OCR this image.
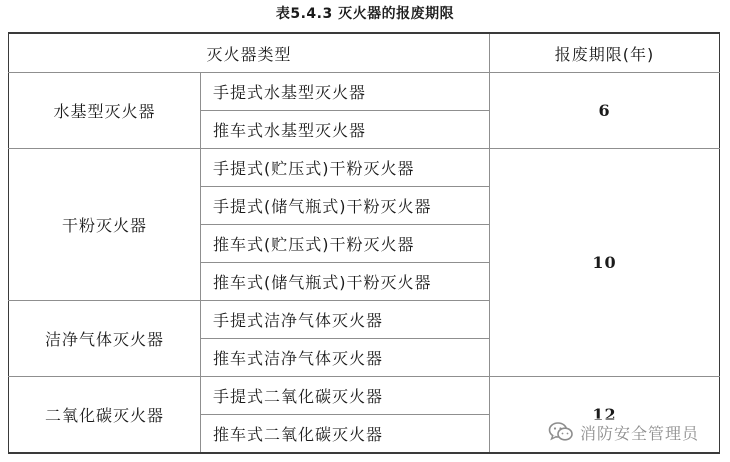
表5.4.3 灭火器的报废期限
灭火器类型		报废期限(年)
水基型灭火器	手提式水基型灭火器	6
	推车式水基型灭火器	
干粉灭火器	手提式(贮压式)干粉灭火器	10
	手提式(储气瓶式)干粉灭火器	
	推车式(贮压式)干粉灭火器	
	推车式(储气瓶式)干粉灭火器	
洁净气体灭火器	手提式洁净气体灭火器	
	推车式洁净气体灭火器	
二氧化碳灭火器	手提式二氧化碳灭火器	12
	推车式二氧化碳灭火器		消防安全管理员
